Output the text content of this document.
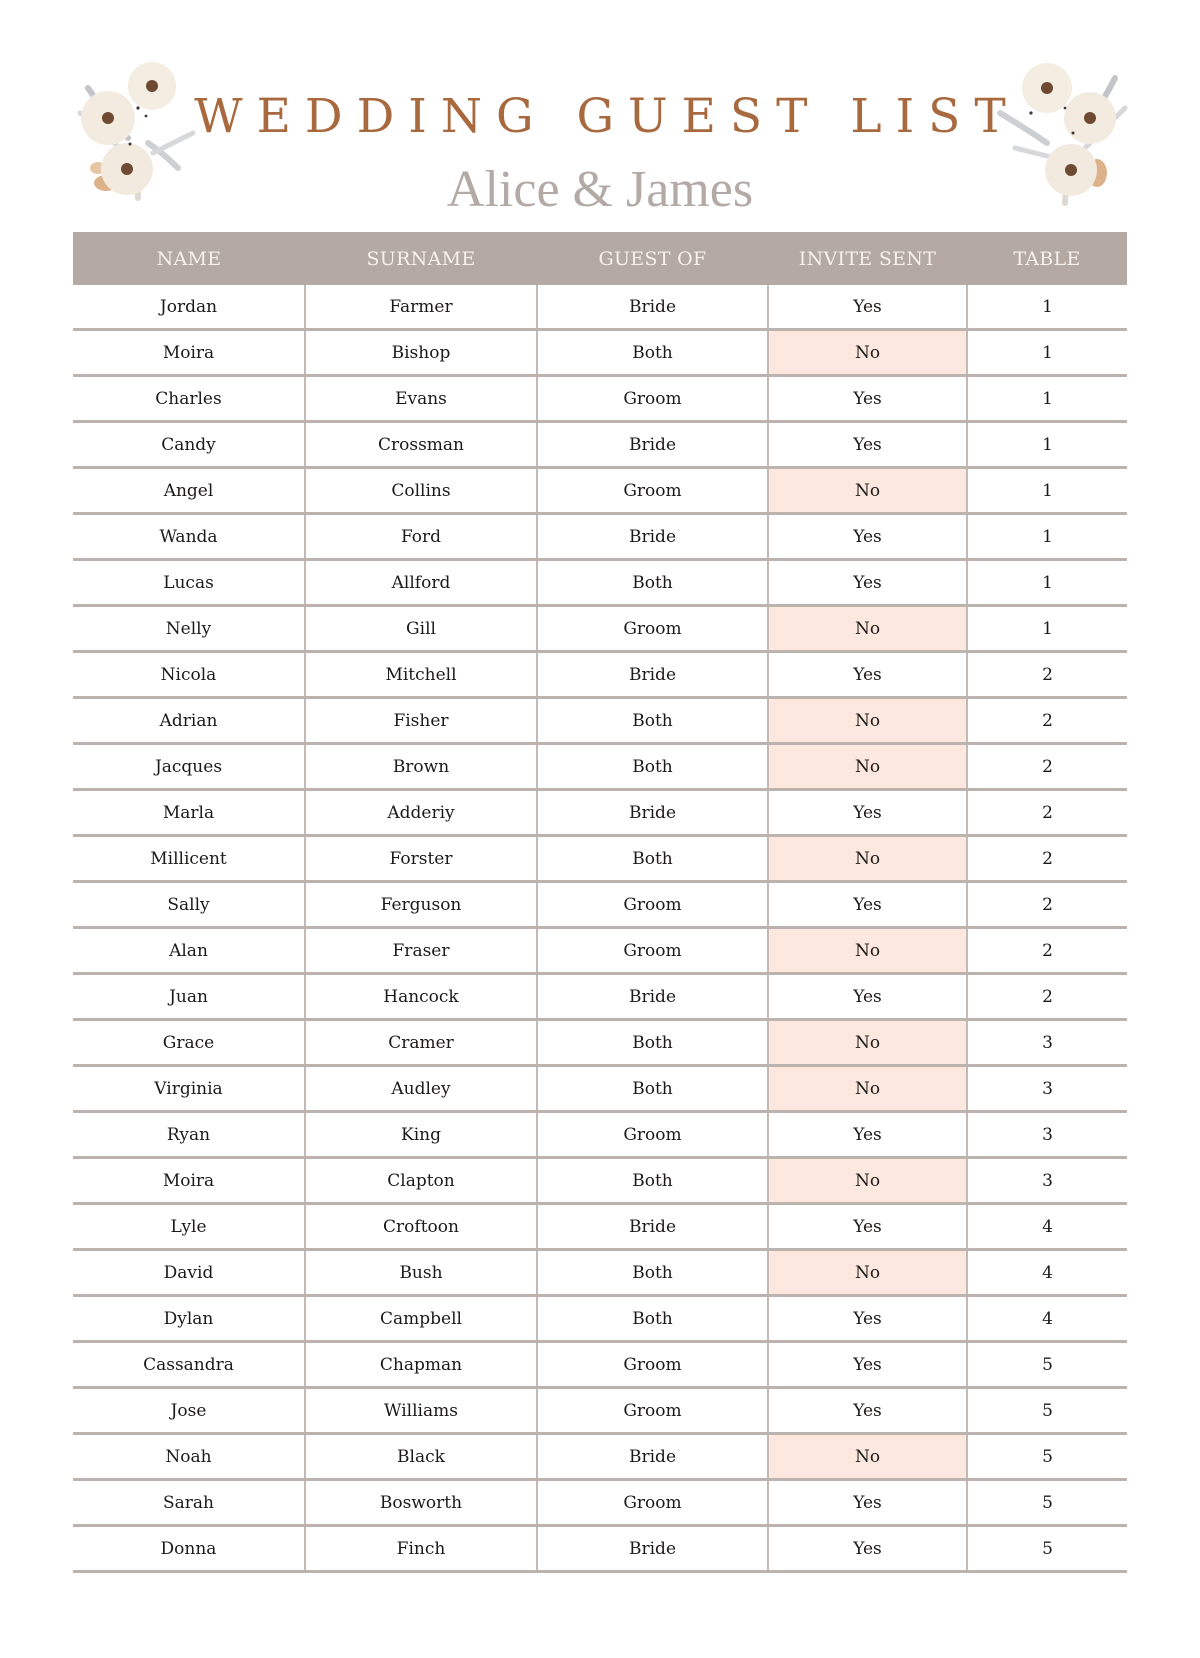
WEDDING GUEST LIST
Alice & James
NAME	SURNAME	GUEST OF	INVITE SENT	TABLE
Jordan	Farmer	Bride	Yes	1
Moira	Bishop	Both	No	1
Charles	Evans	Groom	Yes	1
Candy	Crossman	Bride	Yes	1
Angel	Collins	Groom	No	1
Wanda	Ford	Bride	Yes	1
Lucas	Allford	Both	Yes	1
Nelly	Gill	Groom	No	1
Nicola	Mitchell	Bride	Yes	2
Adrian	Fisher	Both	No	2
Jacques	Brown	Both	No	2
Marla	Adderiy	Bride	Yes	2
Millicent	Forster	Both	No	2
Sally	Ferguson	Groom	Yes	2
Alan	Fraser	Groom	No	2
Juan	Hancock	Bride	Yes	2
Grace	Cramer	Both	No	3
Virginia	Audley	Both	No	3
Ryan	King	Groom	Yes	3
Moira	Clapton	Both	No	3
Lyle	Croftoon	Bride	Yes	4
David	Bush	Both	No	4
Dylan	Campbell	Both	Yes	4
Cassandra	Chapman	Groom	Yes	5
Jose	Williams	Groom	Yes	5
Noah	Black	Bride	No	5
Sarah	Bosworth	Groom	Yes	5
Donna	Finch	Bride	Yes	5
